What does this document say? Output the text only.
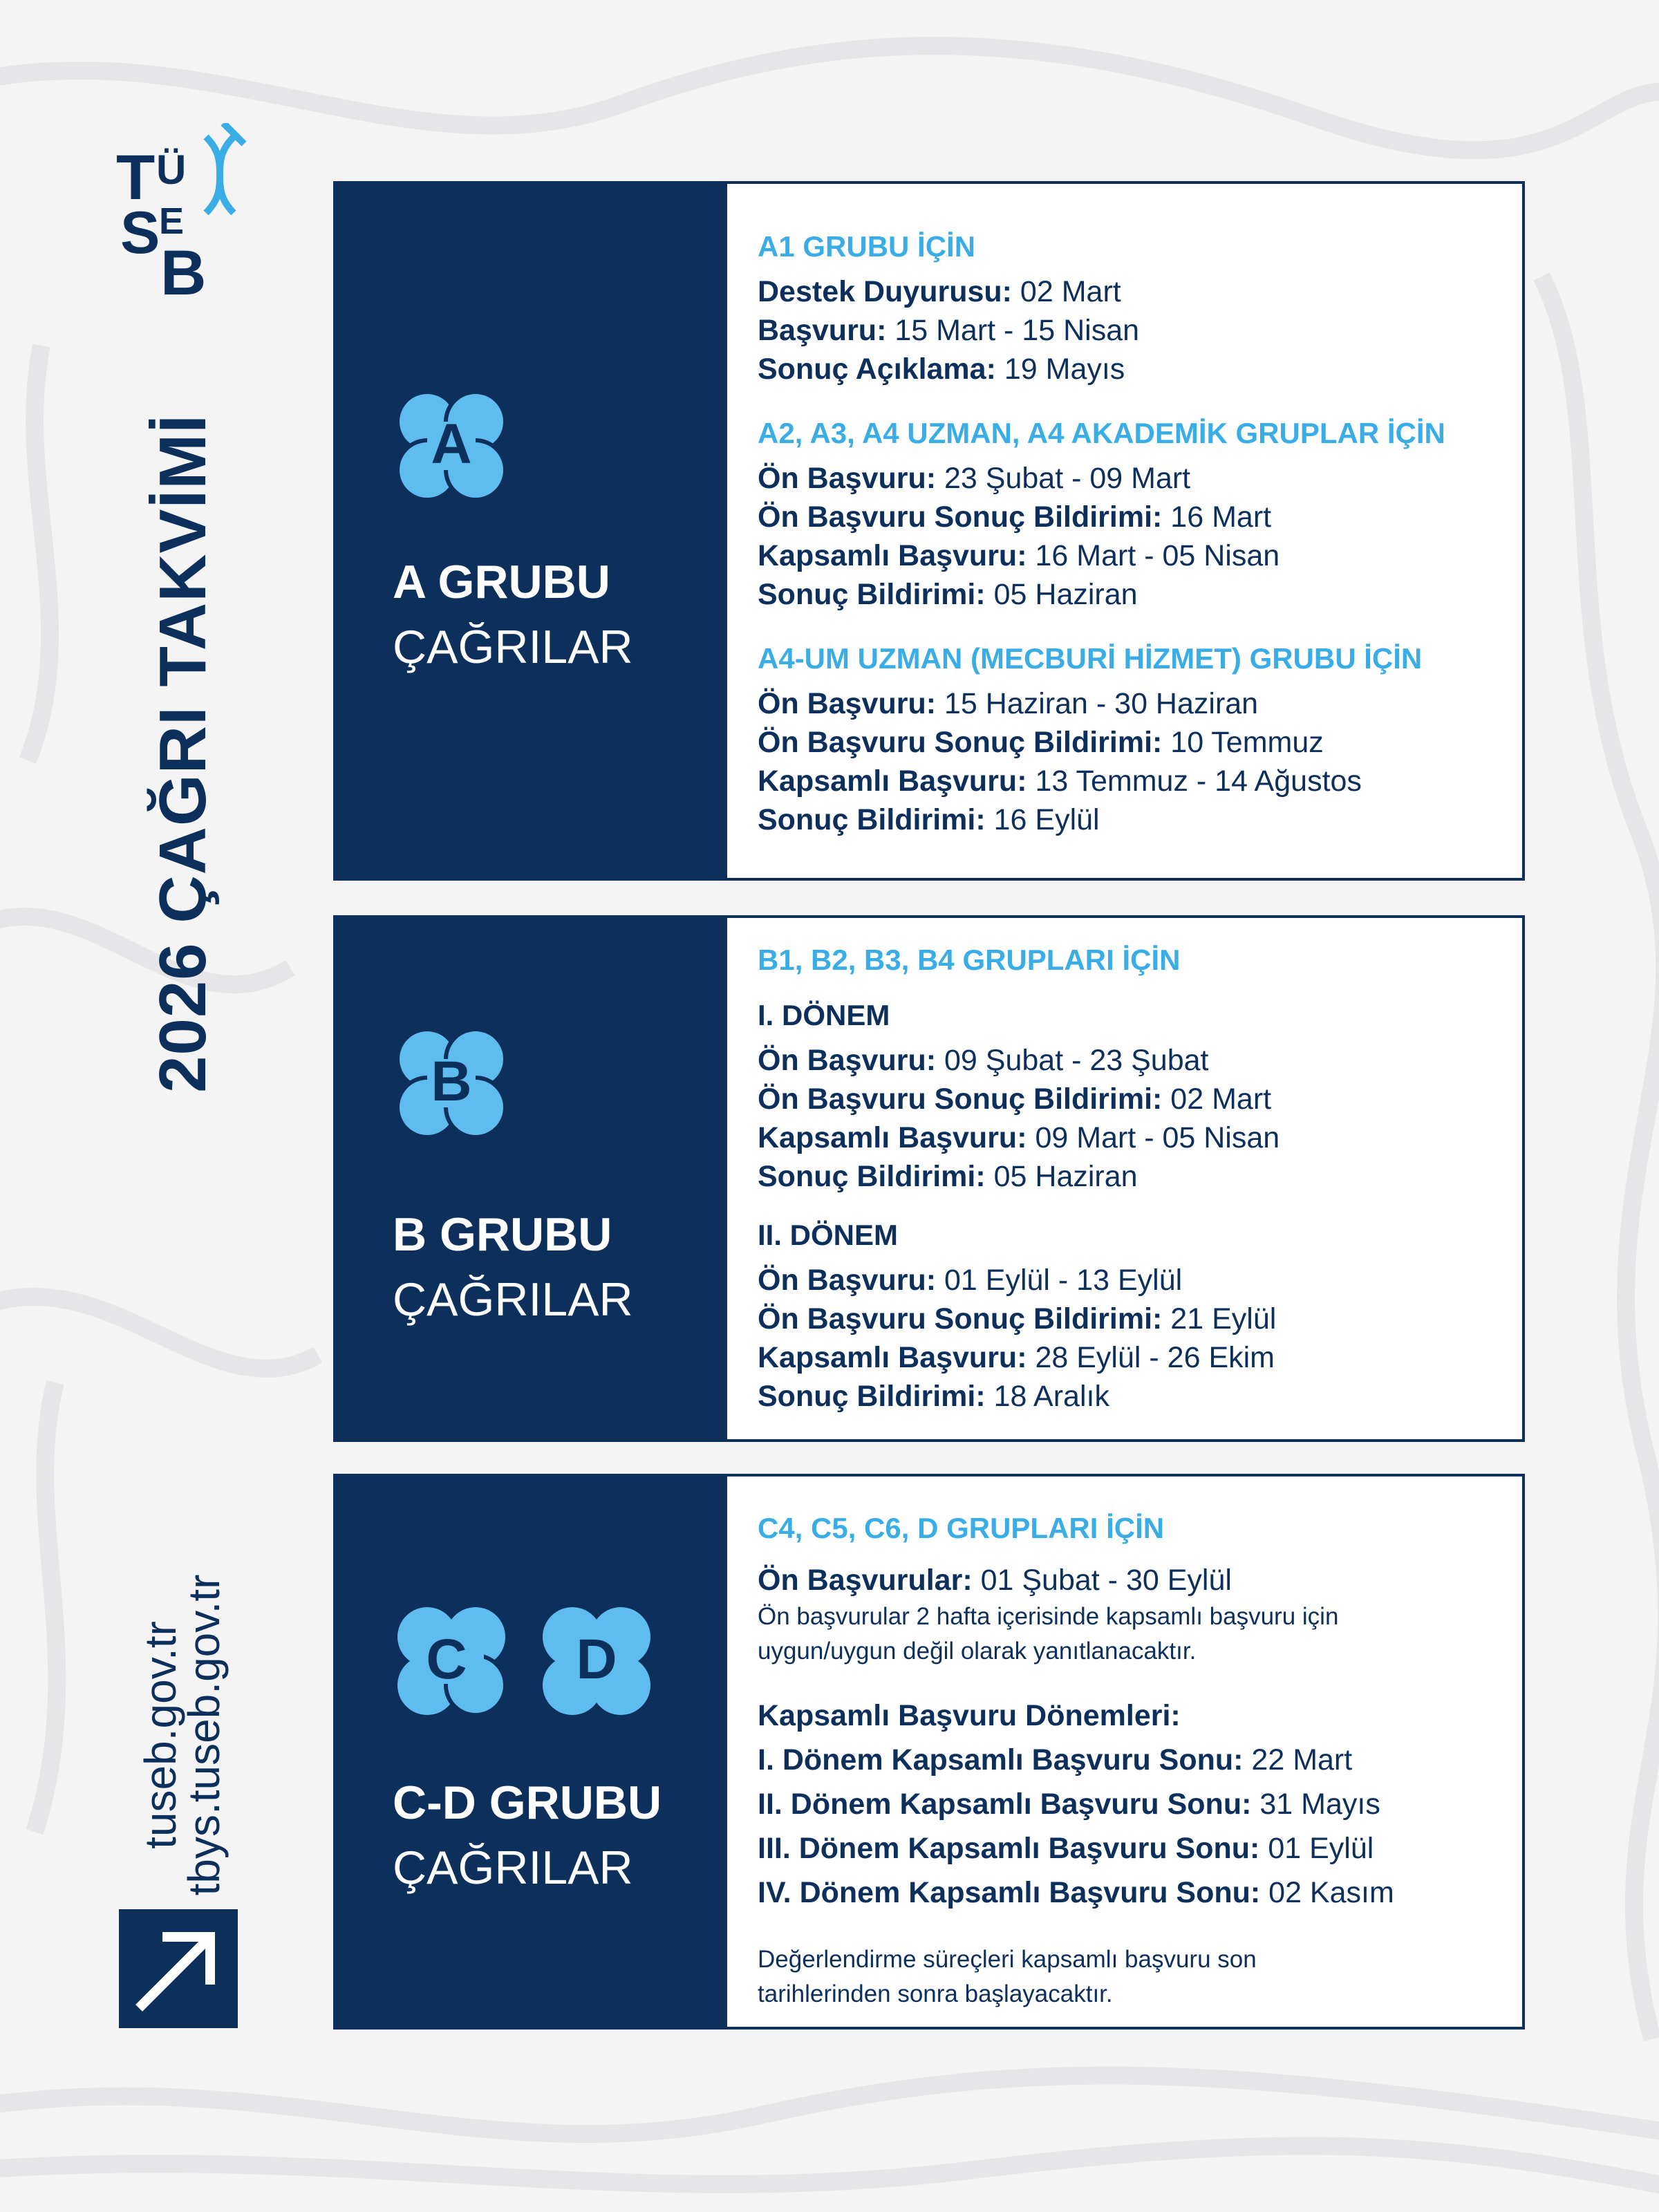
T Ü
S
E
B
2026 ÇAĞRI TAKVİMİ
tuseb.gov.tr
tbys.tuseb.gov.tr
A
A GRUBU
ÇAĞRILAR

A1 GRUBU İÇİN

Destek Duyurusu: 02 Mart

Başvuru: 15 Mart - 15 Nisan

Sonuç Açıklama: 19 Mayıs

A2, A3, A4 UZMAN, A4 AKADEMİK GRUPLAR İÇİN

Ön Başvuru: 23 Şubat - 09 Mart

Ön Başvuru Sonuç Bildirimi: 16 Mart

Kapsamlı Başvuru: 16 Mart - 05 Nisan

Sonuç Bildirimi: 05 Haziran

A4-UM UZMAN (MECBURİ HİZMET) GRUBU İÇİN

Ön Başvuru: 15 Haziran - 30 Haziran

Ön Başvuru Sonuç Bildirimi: 10 Temmuz

Kapsamlı Başvuru: 13 Temmuz - 14 Ağustos

Sonuç Bildirimi: 16 Eylül

B
B GRUBU
ÇAĞRILAR

B1, B2, B3, B4 GRUPLARI İÇİN

I. DÖNEM

Ön Başvuru: 09 Şubat - 23 Şubat

Ön Başvuru Sonuç Bildirimi: 02 Mart

Kapsamlı Başvuru: 09 Mart - 05 Nisan

Sonuç Bildirimi: 05 Haziran

II. DÖNEM

Ön Başvuru: 01 Eylül - 13 Eylül

Ön Başvuru Sonuç Bildirimi: 21 Eylül

Kapsamlı Başvuru: 28 Eylül - 26 Ekim

Sonuç Bildirimi: 18 Aralık

C D
C-D GRUBU
ÇAĞRILAR

C4, C5, C6, D GRUPLARI İÇİN

Ön Başvurular: 01 Şubat - 30 Eylül

Ön başvurular 2 hafta içerisinde kapsamlı başvuru için

uygun/uygun değil olarak yanıtlanacaktır.

Kapsamlı Başvuru Dönemleri:

I. Dönem Kapsamlı Başvuru Sonu: 22 Mart

II. Dönem Kapsamlı Başvuru Sonu: 31 Mayıs

III. Dönem Kapsamlı Başvuru Sonu: 01 Eylül

IV. Dönem Kapsamlı Başvuru Sonu: 02 Kasım

Değerlendirme süreçleri kapsamlı başvuru son

tarihlerinden sonra başlayacaktır.
